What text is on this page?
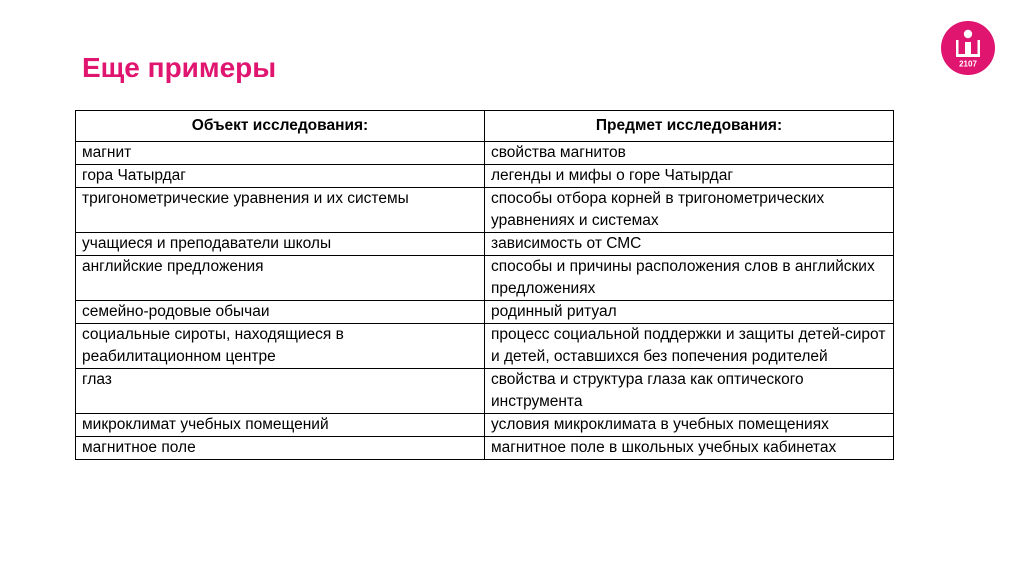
Еще примеры	2107
Объект исследования:	Предмет исследования:
магнит	свойства магнитов
гора Чатырдаг	легенды и мифы о горе Чатырдаг
тригонометрические уравнения и их системы	способы отбора корней в тригонометрических уравнениях и системах
учащиеся и преподаватели школы	зависимость от СМС
английские предложения	способы и причины расположения слов в английских предложениях
семейно-родовые обычаи	родинный ритуал
социальные сироты, находящиеся в реабилитационном центре	процесс социальной поддержки и защиты детей-сирот и детей, оставшихся без попечения родителей
глаз	свойства и структура глаза как оптического инструмента
микроклимат учебных помещений	условия микроклимата в учебных помещениях
магнитное поле	магнитное поле в школьных учебных кабинетах
